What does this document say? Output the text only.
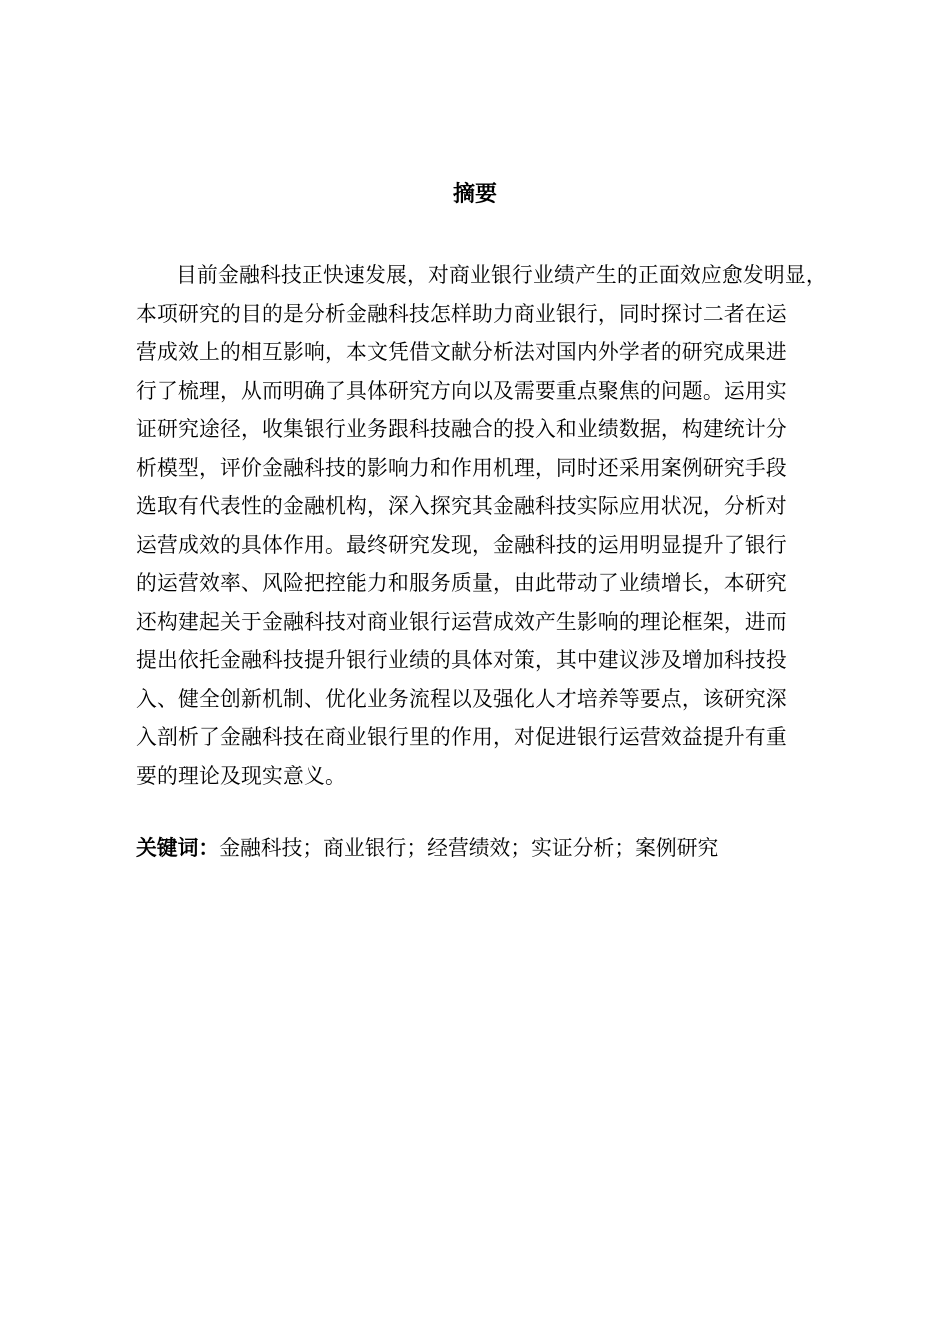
摘要
目前金融科技正快速发展，对商业银行业绩产生的正面效应愈发明显，
本项研究的目的是分析金融科技怎样助力商业银行，同时探讨二者在运
营成效上的相互影响，本文凭借文献分析法对国内外学者的研究成果进
行了梳理，从而明确了具体研究方向以及需要重点聚焦的问题。运用实
证研究途径，收集银行业务跟科技融合的投入和业绩数据，构建统计分
析模型，评价金融科技的影响力和作用机理，同时还采用案例研究手段
选取有代表性的金融机构，深入探究其金融科技实际应用状况，分析对
运营成效的具体作用。最终研究发现，金融科技的运用明显提升了银行
的运营效率、风险把控能力和服务质量，由此带动了业绩增长，本研究
还构建起关于金融科技对商业银行运营成效产生影响的理论框架，进而
提出依托金融科技提升银行业绩的具体对策，其中建议涉及增加科技投
入、健全创新机制、优化业务流程以及强化人才培养等要点，该研究深
入剖析了金融科技在商业银行里的作用，对促进银行运营效益提升有重
要的理论及现实意义。
关键词：金融科技；商业银行；经营绩效；实证分析；案例研究
